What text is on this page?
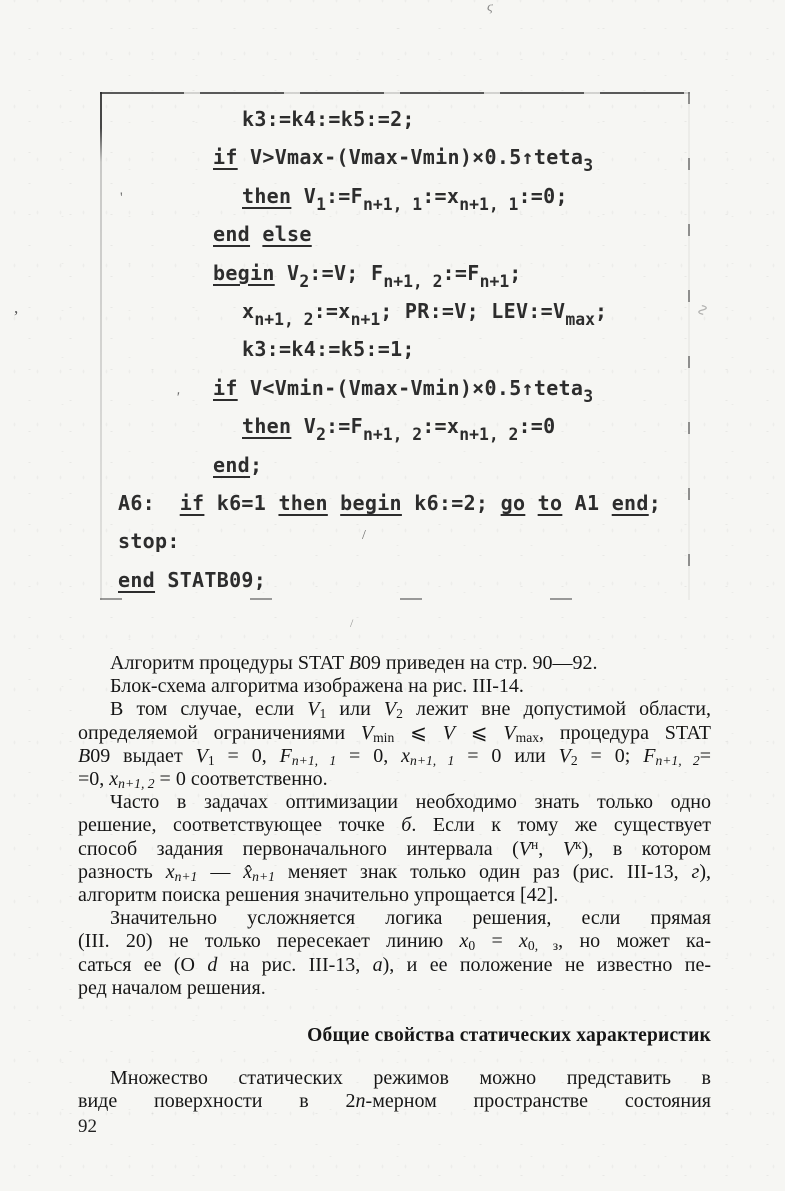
k3:=k4:=k5:=2;
if V>Vmax-(Vmax-Vmin)×0.5↑teta$_3$
then $V_1:=F_{n+1, 1}:=x_{n+1, 1}:=0$;
end else
begin $V_2:=V$; $F_{n+1, 2}:=F_{n+1}$;
$x_{n+1, 2}:=x_{n+1}$; PR:=V; $LEV:=V_{max}$;
k3:=k4:=k5:=1;
if V<Vmin-(Vmax-Vmin)×0.5↑teta$_3$
then $V_2:=F_{n+1, 2}:=x_{n+1, 2}:=0$
end;
A6:  if k6=1 then begin k6:=2; go to A1 end;
stop:
end STATB09;
Алгоритм процедуры STAT B09 приведен на стр. 90—92.
Блок-схема алгоритма изображена на рис. III-14.
В том случае, если $V_1$ или $V_2$ лежит вне допустимой области,
определяемой ограничениями $V_{min}$ ⩽ V ⩽ $V_{max}$, процедура STAT
B09 выдает $V_1 = 0$, $F_{n+1, 1} = 0$, $x_{n+1, 1} = 0$ или $V_2 = 0$; $F_{n+1, 2}=$
=0, $x_{n+1, 2} = 0$ соответственно.
Часто в задачах оптимизации необходимо знать только одно
решение, соответствующее точке б. Если к тому же существует
способ задания первоначального интервала ($V^н$, $V^к$), в котором
разность $x_{n+1}$ — $x̂_{n+1}$ меняет знак только один раз (рис. III-13, г),
алгоритм поиска решения значительно упрощается [42].
Значительно усложняется логика решения, если прямая
(III. 20) не только пересекает линию $x_0 = x_{0, з}$, но может ка-
саться ее (О d на рис. III-13, а), и ее положение не известно пе-
ред началом решения.
Общие свойства статических характеристик
Множество статических режимов можно представить в
виде поверхности в 2n-мерном пространстве состояния
92
ϛ
'
,
'
/
∿
/
